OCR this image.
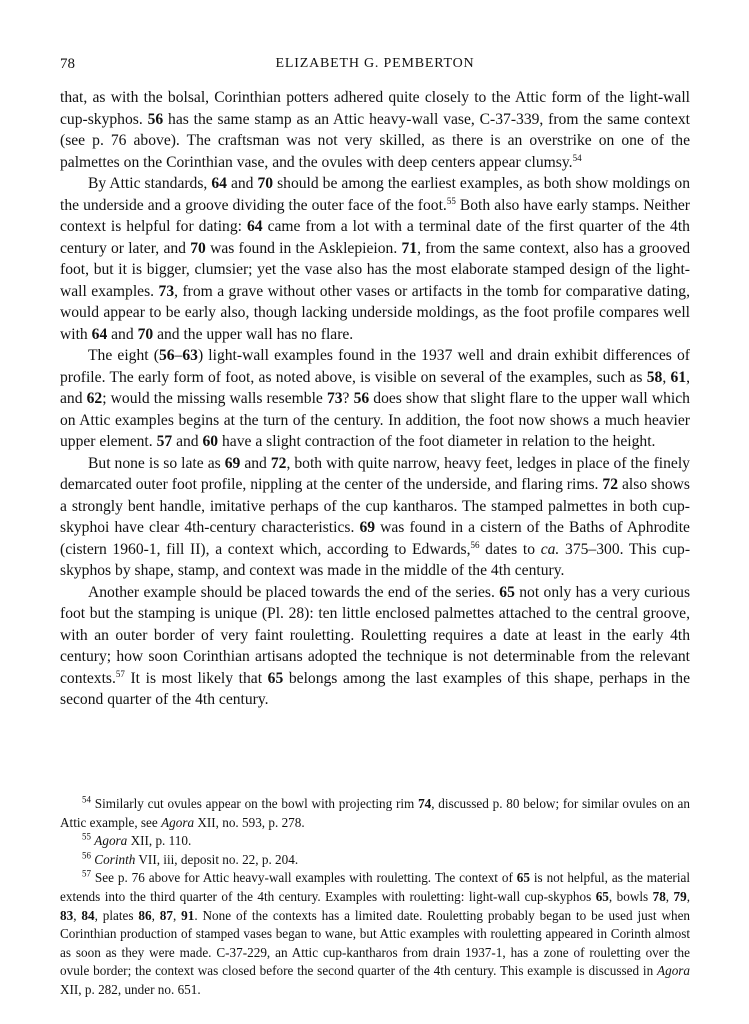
78	ELIZABETH G. PEMBERTON

that, as with the bolsal, Corinthian potters adhered quite closely to the Attic form of the light-wall cup-skyphos. 56 has the same stamp as an Attic heavy-wall vase, C-37-339, from the same context (see p. 76 above). The craftsman was not very skilled, as there is an overstrike on one of the palmettes on the Corinthian vase, and the ovules with deep centers appear clumsy.$^{54}$

By Attic standards, 64 and 70 should be among the earliest examples, as both show moldings on the underside and a groove dividing the outer face of the foot.$^{55}$ Both also have early stamps. Neither context is helpful for dating: 64 came from a lot with a terminal date of the first quarter of the 4th century or later, and 70 was found in the Asklepieion. 71, from the same context, also has a grooved foot, but it is bigger, clumsier; yet the vase also has the most elaborate stamped design of the light-wall examples. 73, from a grave without other vases or artifacts in the tomb for comparative dating, would appear to be early also, though lacking underside moldings, as the foot profile compares well with 64 and 70 and the upper wall has no flare.

The eight (56–63) light-wall examples found in the 1937 well and drain exhibit differences of profile. The early form of foot, as noted above, is visible on several of the examples, such as 58, 61, and 62; would the missing walls resemble 73? 56 does show that slight flare to the upper wall which on Attic examples begins at the turn of the century. In addition, the foot now shows a much heavier upper element. 57 and 60 have a slight contraction of the foot diameter in relation to the height.

But none is so late as 69 and 72, both with quite narrow, heavy feet, ledges in place of the finely demarcated outer foot profile, nippling at the center of the underside, and flaring rims. 72 also shows a strongly bent handle, imitative perhaps of the cup kantharos. The stamped palmettes in both cup-skyphoi have clear 4th-century characteristics. 69 was found in a cistern of the Baths of Aphrodite (cistern 1960-1, fill II), a context which, according to Edwards,$^{56}$ dates to ca. 375–300. This cup-skyphos by shape, stamp, and context was made in the middle of the 4th century.

Another example should be placed towards the end of the series. 65 not only has a very curious foot but the stamping is unique (Pl. 28): ten little enclosed palmettes attached to the central groove, with an outer border of very faint rouletting. Rouletting requires a date at least in the early 4th century; how soon Corinthian artisans adopted the technique is not determinable from the relevant contexts.$^{57}$ It is most likely that 65 belongs among the last examples of this shape, perhaps in the second quarter of the 4th century.

$^{54}$ Similarly cut ovules appear on the bowl with projecting rim 74, discussed p. 80 below; for similar ovules on an Attic example, see Agora XII, no. 593, p. 278.

$^{55}$ Agora XII, p. 110.

$^{56}$ Corinth VII, iii, deposit no. 22, p. 204.

$^{57}$ See p. 76 above for Attic heavy-wall examples with rouletting. The context of 65 is not helpful, as the material extends into the third quarter of the 4th century. Examples with rouletting: light-wall cup-skyphos 65, bowls 78, 79, 83, 84, plates 86, 87, 91. None of the contexts has a limited date. Rouletting probably began to be used just when Corinthian production of stamped vases began to wane, but Attic examples with rouletting appeared in Corinth almost as soon as they were made. C-37-229, an Attic cup-kantharos from drain 1937-1, has a zone of rouletting over the ovule border; the context was closed before the second quarter of the 4th century. This example is discussed in Agora XII, p. 282, under no. 651.
